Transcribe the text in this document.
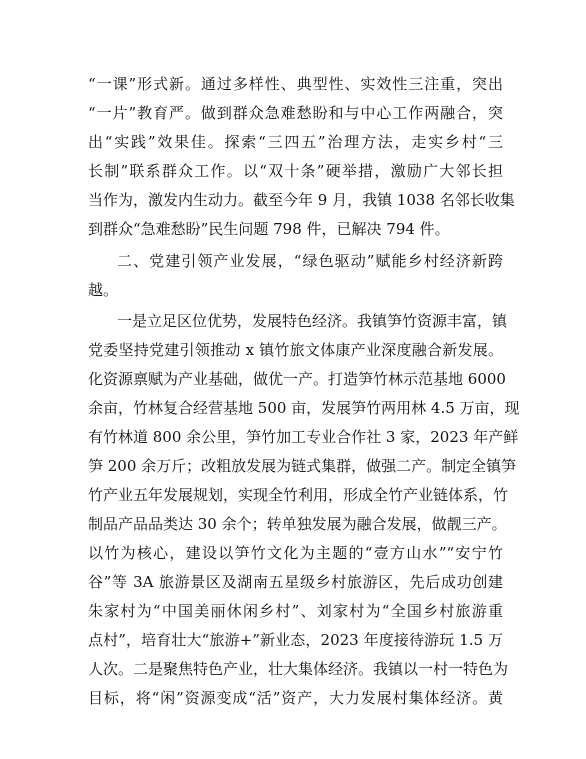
“一课”形式新。通过多样性、典型性、实效性三注重，突出
“一片”教育严。做到群众急难愁盼和与中心工作两融合，突
出“实践”效果佳。探索“三四五”治理方法，走实乡村“三
长制”联系群众工作。以“双十条”硬举措，激励广大邻长担
当作为，激发内生动力。截至今年 9 月，我镇 1038 名邻长收集
到群众“急难愁盼”民生问题 798 件，已解决 794 件。
二、党建引领产业发展，“绿色驱动”赋能乡村经济新跨
越。
一是立足区位优势，发展特色经济。我镇笋竹资源丰富，镇
党委坚持党建引领推动 x 镇竹旅文体康产业深度融合新发展。
化资源禀赋为产业基础，做优一产。打造笋竹林示范基地 6000
余亩，竹林复合经营基地 500 亩，发展笋竹两用林 4.5 万亩，现
有竹林道 800 余公里，笋竹加工专业合作社 3 家，2023 年产鲜
笋 200 余万斤；改粗放发展为链式集群，做强二产。制定全镇笋
竹产业五年发展规划，实现全竹利用，形成全竹产业链体系，竹
制品产品品类达 30 余个；转单独发展为融合发展，做靓三产。
以竹为核心，建设以笋竹文化为主题的“壹方山水”“安宁竹
谷”等 3A 旅游景区及湖南五星级乡村旅游区，先后成功创建
朱家村为“中国美丽休闲乡村”、刘家村为“全国乡村旅游重
点村”，培育壮大“旅游+”新业态，2023 年度接待游玩 1.5 万
人次。二是聚焦特色产业，壮大集体经济。我镇以一村一特色为
目标，将“闲”资源变成“活”资产，大力发展村集体经济。黄
